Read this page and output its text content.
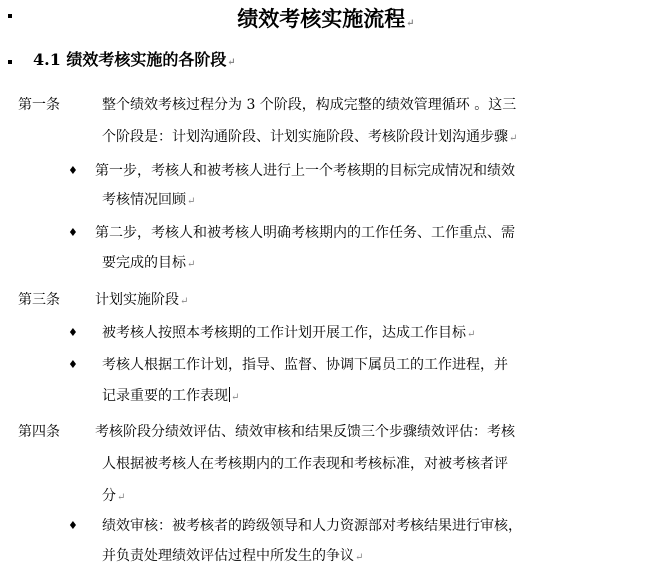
绩效考核实施流程↵
4.1 绩效考核实施的各阶段↵
第一条	整个绩效考核过程分为 3 个阶段，构成完整的绩效管理循环 。这三
个阶段是：计划沟通阶段、计划实施阶段、考核阶段计划沟通步骤↵
♦ 第一步，考核人和被考核人进行上一个考核期的目标完成情况和绩效
考核情况回顾↵
♦ 第二步，考核人和被考核人明确考核期内的工作任务、工作重点、需
要完成的目标↵
第三条	计划实施阶段↵
♦ 被考核人按照本考核期的工作计划开展工作，达成工作目标↵
♦ 考核人根据工作计划，指导、监督、协调下属员工的工作进程，并
记录重要的工作表现 ↵
第四条	考核阶段分绩效评估、绩效审核和结果反馈三个步骤绩效评估：考核
人根据被考核人在考核期内的工作表现和考核标准，对被考核者评
分↵
♦ 绩效审核：被考核者的跨级领导和人力资源部对考核结果进行审核，
并负责处理绩效评估过程中所发生的争议↵
